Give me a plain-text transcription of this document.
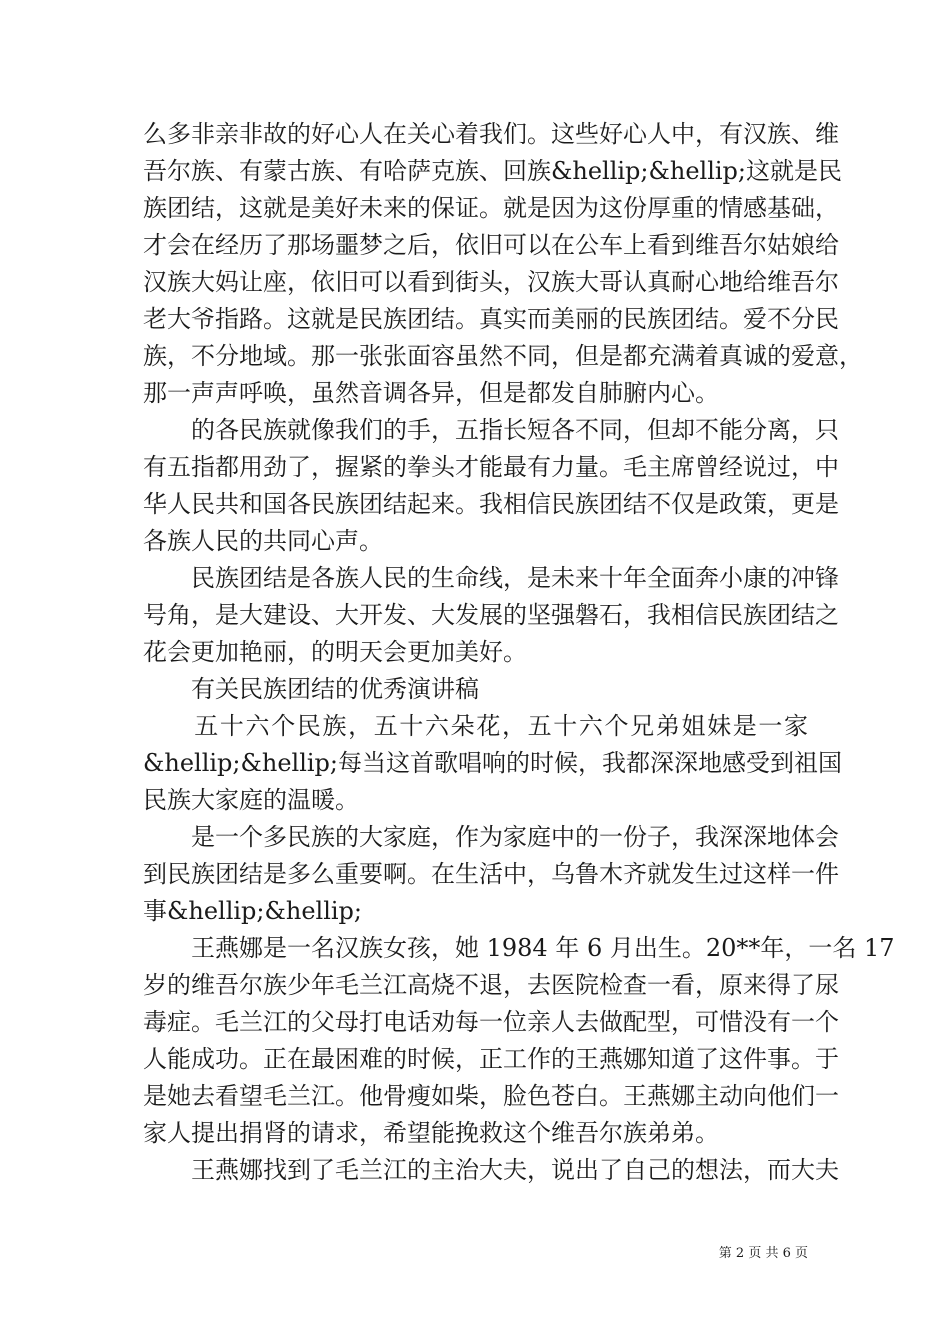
么多非亲非故的好心人在关心着我们。这些好心人中，有汉族、维
吾尔族、有蒙古族、有哈萨克族、回族&hellip;&hellip;这就是民
族团结，这就是美好未来的保证。就是因为这份厚重的情感基础，
才会在经历了那场噩梦之后，依旧可以在公车上看到维吾尔姑娘给
汉族大妈让座，依旧可以看到街头，汉族大哥认真耐心地给维吾尔
老大爷指路。这就是民族团结。真实而美丽的民族团结。爱不分民
族，不分地域。那一张张面容虽然不同，但是都充满着真诚的爱意，
那一声声呼唤，虽然音调各异，但是都发自肺腑内心。
　　的各民族就像我们的手，五指长短各不同，但却不能分离，只
有五指都用劲了，握紧的拳头才能最有力量。毛主席曾经说过，中
华人民共和国各民族团结起来。我相信民族团结不仅是政策，更是
各族人民的共同心声。
　　民族团结是各族人民的生命线，是未来十年全面奔小康的冲锋
号角，是大建设、大开发、大发展的坚强磐石，我相信民族团结之
花会更加艳丽，的明天会更加美好。
　　有关民族团结的优秀演讲稿
　　五十六个民族，五十六朵花，五十六个兄弟姐妹是一家
&hellip;&hellip;每当这首歌唱响的时候，我都深深地感受到祖国
民族大家庭的温暖。
　　是一个多民族的大家庭，作为家庭中的一份子，我深深地体会
到民族团结是多么重要啊。在生活中，乌鲁木齐就发生过这样一件
事&hellip;&hellip;
　　王燕娜是一名汉族女孩，她 1984 年 6 月出生。20**年，一名 17
岁的维吾尔族少年毛兰江高烧不退，去医院检查一看，原来得了尿
毒症。毛兰江的父母打电话劝每一位亲人去做配型，可惜没有一个
人能成功。正在最困难的时候，正工作的王燕娜知道了这件事。于
是她去看望毛兰江。他骨瘦如柴，脸色苍白。王燕娜主动向他们一
家人提出捐肾的请求，希望能挽救这个维吾尔族弟弟。
　　王燕娜找到了毛兰江的主治大夫，说出了自己的想法，而大夫
第 2 页 共 6 页
